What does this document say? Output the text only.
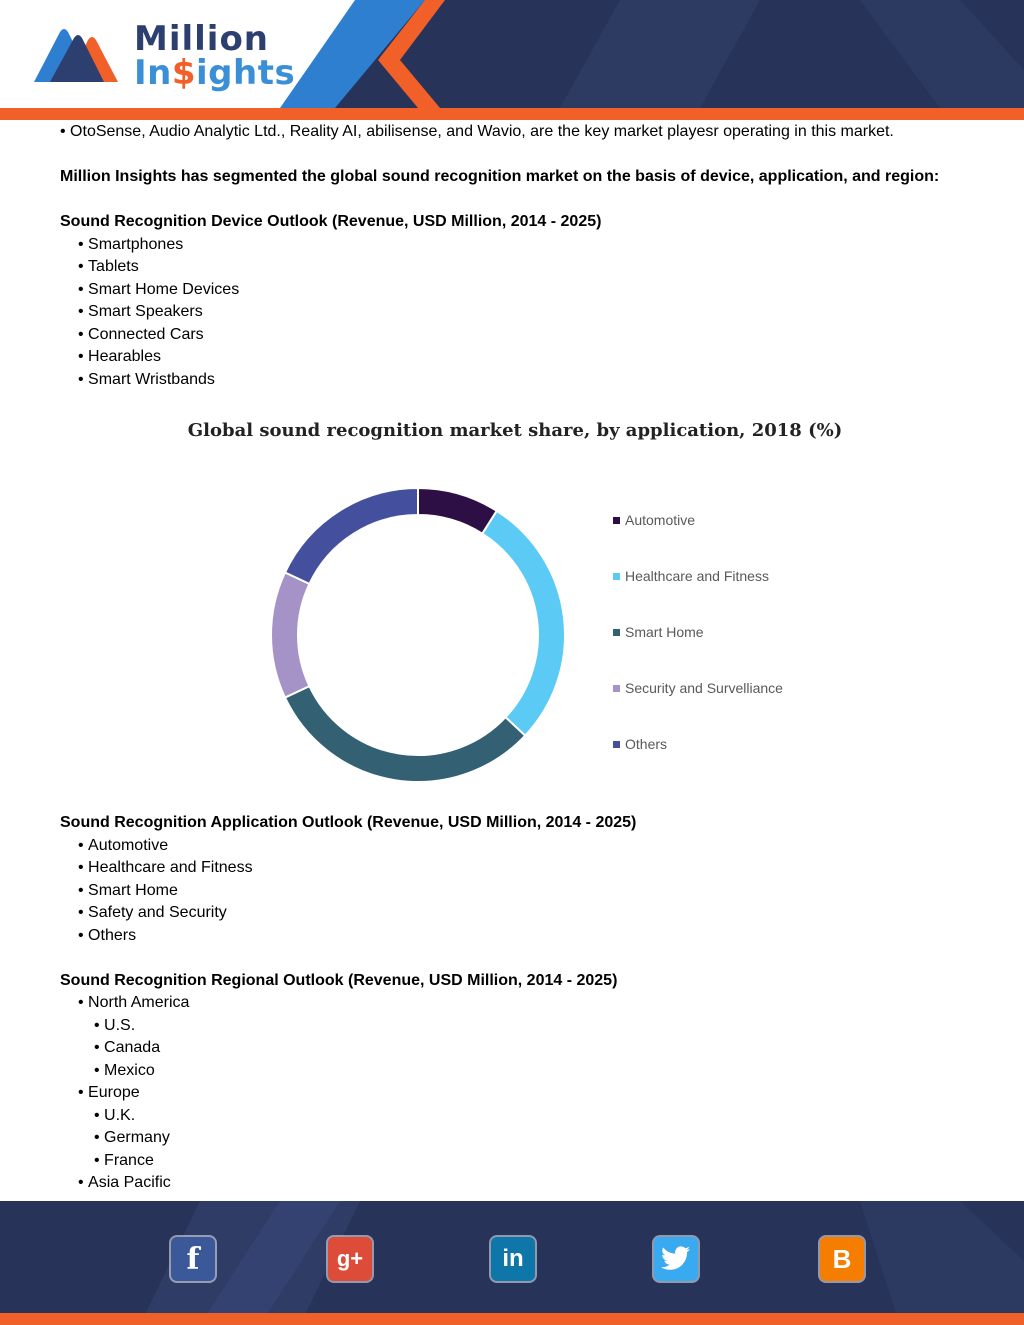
Million
In$ights

• OtoSense, Audio Analytic Ltd., Reality AI, abilisense, and Wavio, are the key market playesr operating in this market.

Million Insights has segmented the global sound recognition market on the basis of device, application, and region:

Sound Recognition Device Outlook (Revenue, USD Million, 2014 - 2025)

• Smartphones
• Tablets
• Smart Home Devices
• Smart Speakers
• Connected Cars
• Hearables
• Smart Wristbands
Global sound recognition market share, by application, 2018 (%)
Automotive
Healthcare and Fitness
Smart Home
Security and Survelliance
Others

Sound Recognition Application Outlook (Revenue, USD Million, 2014 - 2025)

• Automotive
• Healthcare and Fitness
• Smart Home
• Safety and Security
• Others

Sound Recognition Regional Outlook (Revenue, USD Million, 2014 - 2025)

• North America
• U.S.
• Canada
• Mexico
• Europe
• U.K.
• Germany
• France
• Asia Pacific
f	g+	in	B
